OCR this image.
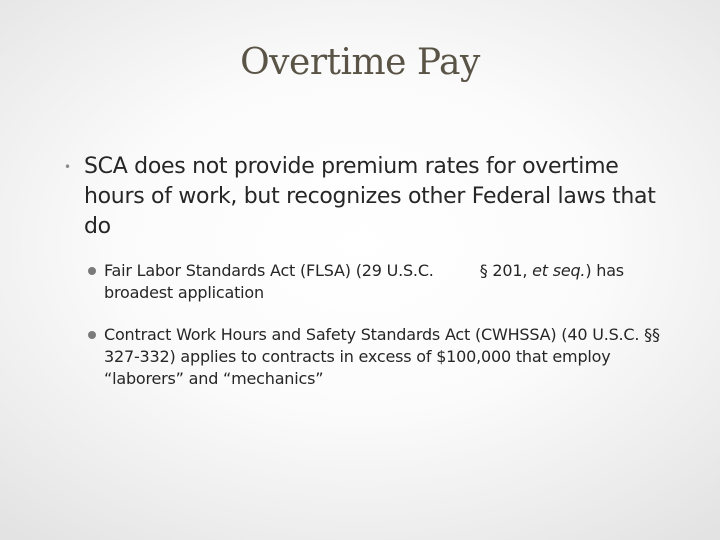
Overtime Pay
• SCA does not provide premium rates for overtime hours of work, but recognizes other Federal laws that do
Fair Labor Standards Act (FLSA) (29 U.S.C.	§ 201, et seq.) has
broadest application
Contract Work Hours and Safety Standards Act (CWHSSA) (40 U.S.C. §§ 327-332) applies to contracts in excess of $100,000 that employ “laborers” and “mechanics”
